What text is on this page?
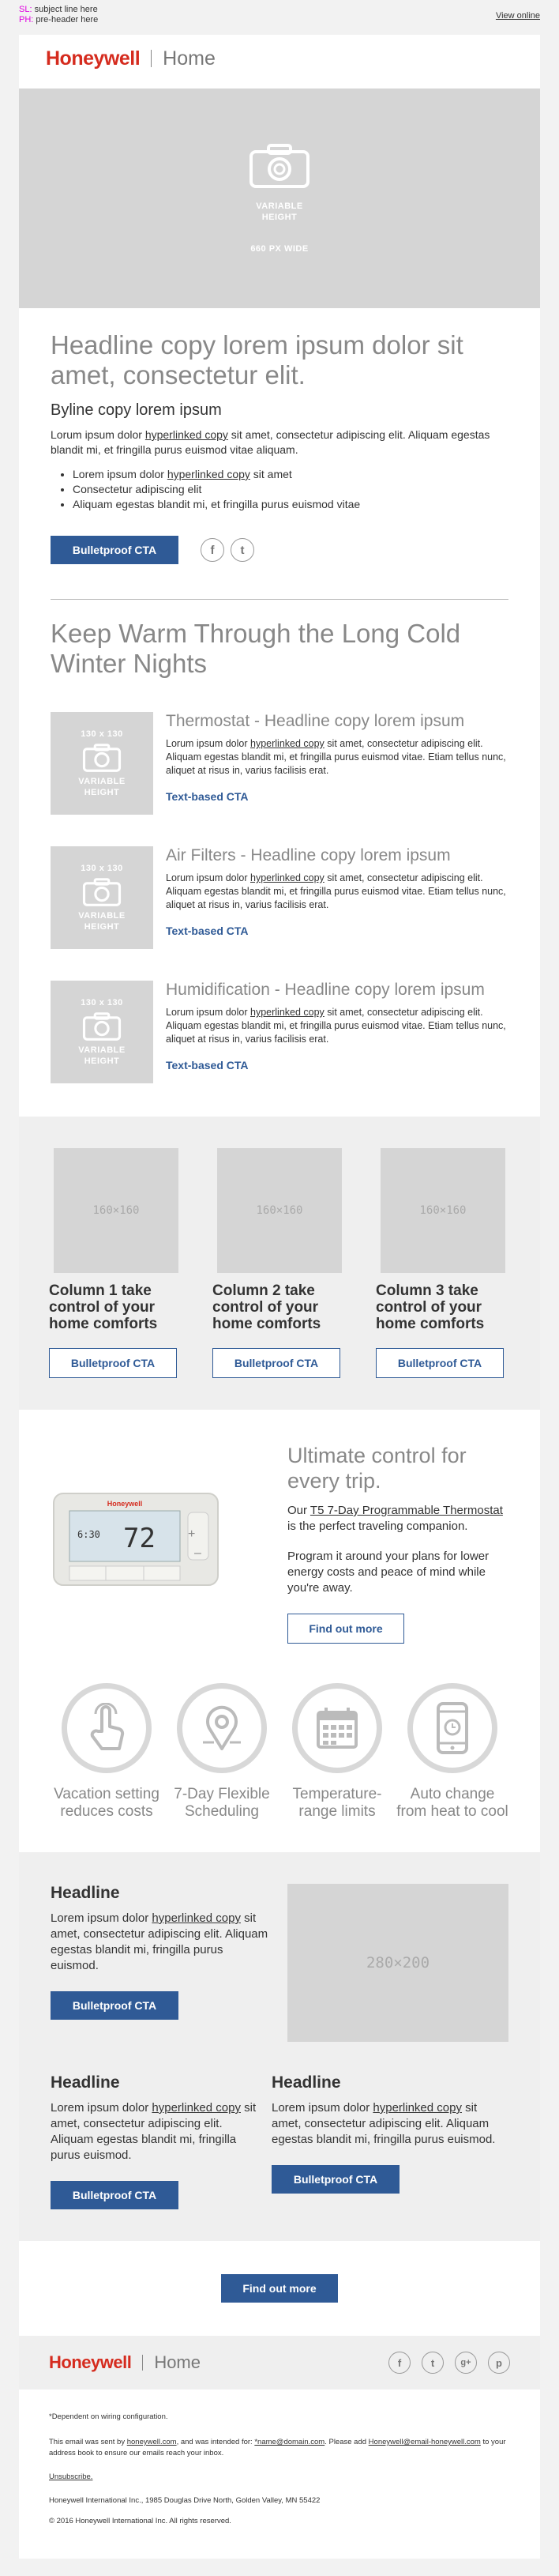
SL: subject line here
PH: pre-header here	View online
Honeywell Home
VARIABLE
HEIGHT
660 PX WIDE
Headline copy lorem ipsum dolor sit amet, consectetur elit.
Byline copy lorem ipsum

Lorum ipsum dolor hyperlinked copy sit amet, consectetur adipiscing elit. Aliquam egestas blandit mi, et fringilla purus euismod vitae aliquam.

• Lorem ipsum dolor hyperlinked copy sit amet
• Consectetur adipiscing elit
• Aliquam egestas blandit mi, et fringilla purus euismod vitae
Bulletproof CTA	f	t
Keep Warm Through the Long Cold Winter Nights
130 x 130
VARIABLE
HEIGHT
Thermostat - Headline copy lorem ipsum

Lorum ipsum dolor hyperlinked copy sit amet, consectetur adipiscing elit. Aliquam egestas blandit mi, et fringilla purus euismod vitae. Etiam tellus nunc, aliquet at risus in, varius facilisis erat.

Text-based CTA
130 x 130
VARIABLE
HEIGHT
Air Filters - Headline copy lorem ipsum

Lorum ipsum dolor hyperlinked copy sit amet, consectetur adipiscing elit. Aliquam egestas blandit mi, et fringilla purus euismod vitae. Etiam tellus nunc, aliquet at risus in, varius facilisis erat.

Text-based CTA
130 x 130
VARIABLE
HEIGHT
Humidification - Headline copy lorem ipsum

Lorum ipsum dolor hyperlinked copy sit amet, consectetur adipiscing elit. Aliquam egestas blandit mi, et fringilla purus euismod vitae. Etiam tellus nunc, aliquet at risus in, varius facilisis erat.

Text-based CTA
160×160
Column 1 take control of your home comforts
Bulletproof CTA
160×160
Column 2 take control of your home comforts
Bulletproof CTA
160×160
Column 3 take control of your home comforts
Bulletproof CTA
+
–
Honeywell
6:30 72
Ultimate control for every trip.

Our T5 7-Day Programmable Thermostat is the perfect traveling companion.

Program it around your plans for lower energy costs and peace of mind while you're away.

Find out more
Vacation setting reduces costs
7-Day Flexible Scheduling
Temperature-range limits
Auto change from heat to cool
Headline

Lorem ipsum dolor hyperlinked copy sit amet, consectetur adipiscing elit. Aliquam egestas blandit mi, fringilla purus euismod.

Bulletproof CTA
280×200
Headline

Lorem ipsum dolor hyperlinked copy sit amet, consectetur adipiscing elit. Aliquam egestas blandit mi, fringilla purus euismod.

Bulletproof CTA
Headline

Lorem ipsum dolor hyperlinked copy sit amet, consectetur adipiscing elit. Aliquam egestas blandit mi, fringilla purus euismod.

Bulletproof CTA
Find out more
Honeywell Home	f	t	g+	p

*Dependent on wiring configuration.

This email was sent by honeywell.com, and was intended for: *name@domain.com. Please add Honeywell@email-honeywell.com to your address book to ensure our emails reach your inbox.

Unsubscribe.

Honeywell International Inc., 1985 Douglas Drive North, Golden Valley, MN 55422

© 2016 Honeywell International Inc. All rights reserved.
